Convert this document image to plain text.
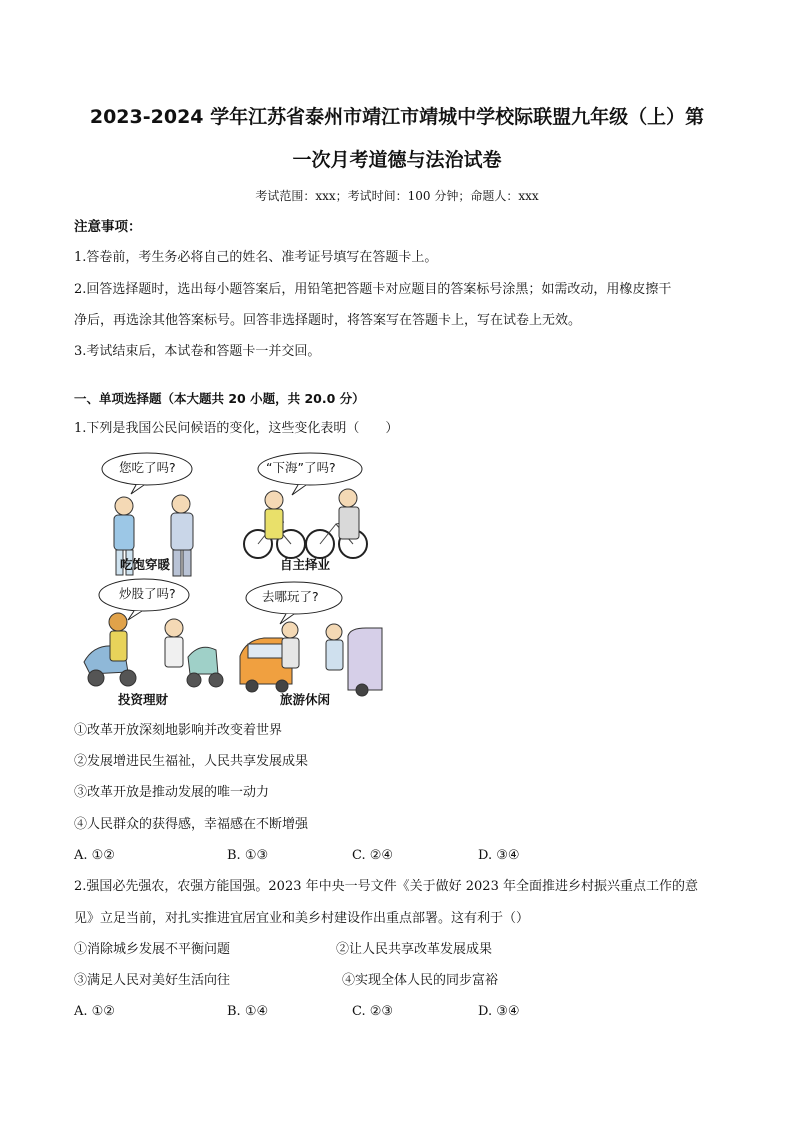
2023-2024 学年江苏省泰州市靖江市靖城中学校际联盟九年级（上）第
一次月考道德与法治试卷
考试范围：xxx；考试时间：100 分钟；命题人：xxx
注意事项：
1.答卷前，考生务必将自己的姓名、准考证号填写在答题卡上。
2.回答选择题时，选出每小题答案后，用铅笔把答题卡对应题目的答案标号涂黑；如需改动，用橡皮擦干
净后，再选涂其他答案标号。回答非选择题时，将答案写在答题卡上，写在试卷上无效。
3.考试结束后，本试卷和答题卡一并交回。
一、单项选择题（本大题共 20 小题，共 20.0 分）
1.下列是我国公民问候语的变化，这些变化表明（　　）
您吃了吗?	“下海”了吗?
炒股了吗?	去哪玩了?
吃饱穿暖	自主择业
投资理财	旅游休闲
①改革开放深刻地影响并改变着世界
②发展增进民生福祉，人民共享发展成果
③改革开放是推动发展的唯一动力
④人民群众的获得感，幸福感在不断增强
A. ①②	B. ①③	C. ②④	D. ③④
2.强国必先强农，农强方能国强。2023 年中央一号文件《关于做好 2023 年全面推进乡村振兴重点工作的意
见》立足当前，对扎实推进宜居宜业和美乡村建设作出重点部署。这有利于（）
①消除城乡发展不平衡问题	②让人民共享改革发展成果
③满足人民对美好生活向往	④实现全体人民的同步富裕
A. ①②	B. ①④	C. ②③	D. ③④
